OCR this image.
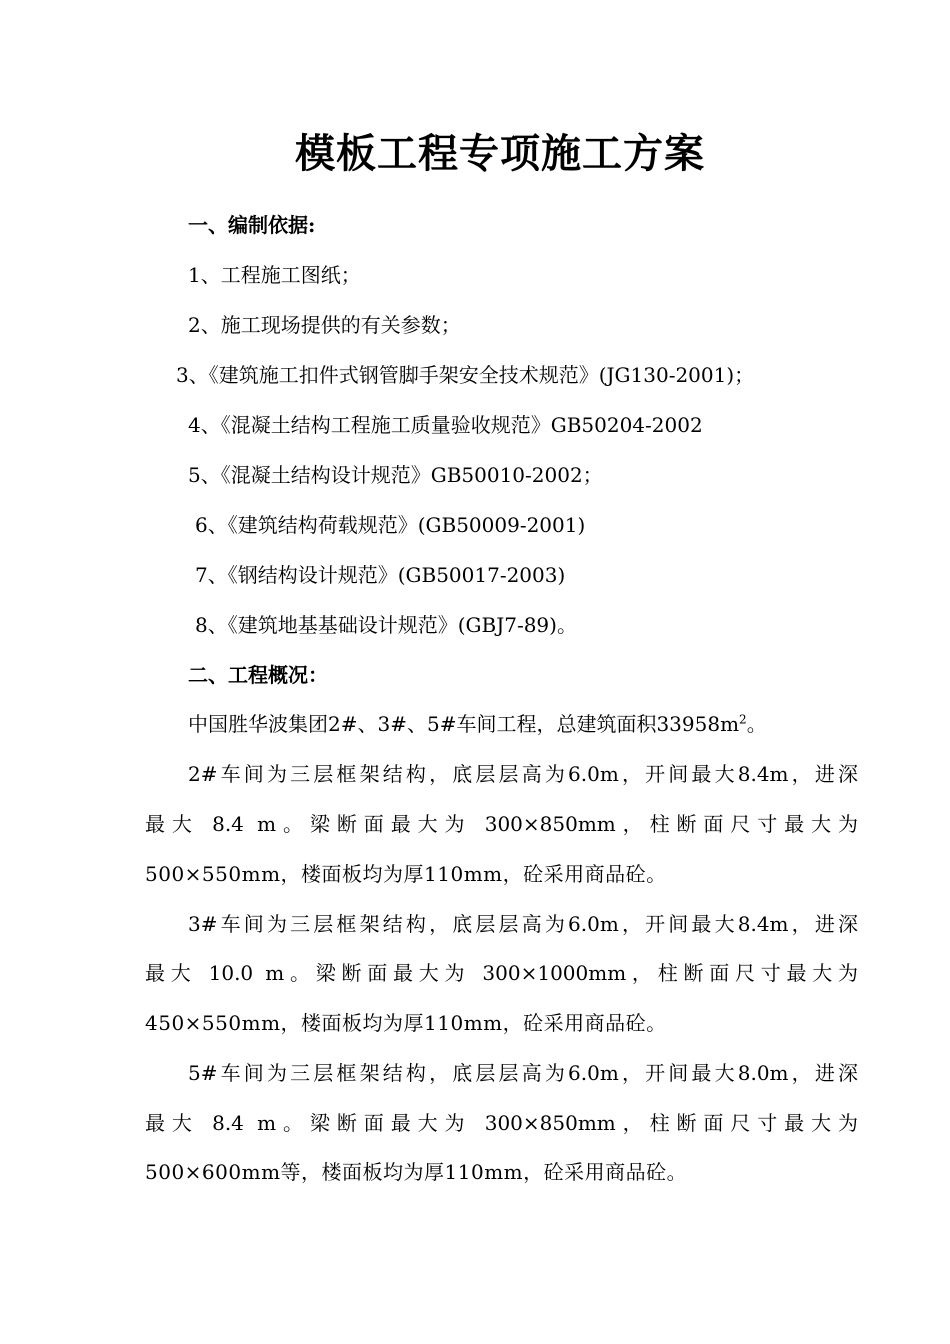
模板工程专项施工方案
一、编制依据:
1、工程施工图纸；
2、施工现场提供的有关参数；
3、《建筑施工扣件式钢管脚手架安全技术规范》(JG130-2001)；
4、《混凝土结构工程施工质量验收规范》GB50204-2002
5、《混凝土结构设计规范》GB50010-2002；
6、《建筑结构荷载规范》(GB50009-2001)
7、《钢结构设计规范》(GB50017-2003)
8、《建筑地基基础设计规范》(GBJ7-89)。
二、工程概况：
中国胜华波集团2#、3#、5#车间工程，总建筑面积$33958m^2$。
2#车间为三层框架结构，底层层高为6.0m，开间最大8.4m，进深
最大 8.4 m。梁断面最大为 300×850mm，柱断面尺寸最大为
500×550mm，楼面板均为厚110mm，砼采用商品砼。
3#车间为三层框架结构，底层层高为6.0m，开间最大8.4m，进深
最大 10.0 m。梁断面最大为 300×1000mm，柱断面尺寸最大为
450×550mm，楼面板均为厚110mm，砼采用商品砼。
5#车间为三层框架结构，底层层高为6.0m，开间最大8.0m，进深
最大 8.4 m。梁断面最大为 300×850mm，柱断面尺寸最大为
500×600mm等，楼面板均为厚110mm，砼采用商品砼。
